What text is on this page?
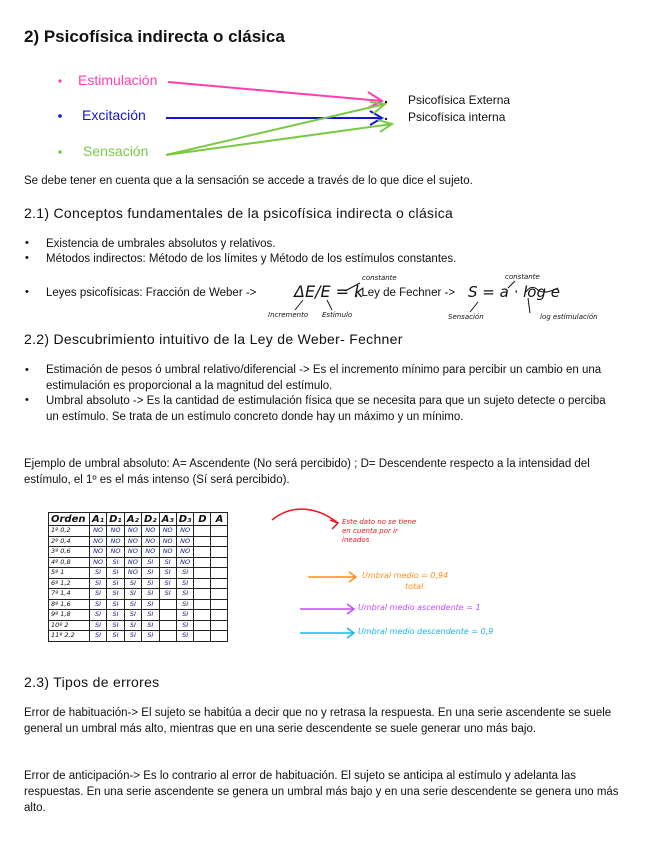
2) Psicofísica indirecta o clásica
Estimulación
Excitación
Sensación
Psicofísica Externa
Psicofísica interna
Se debe tener en cuenta que a la sensación se accede a través de lo que dice el sujeto.
2.1) Conceptos fundamentales de la psicofísica indirecta o clásica
• Existencia de umbrales absolutos y relativos.
• Métodos indirectos: Método de los límites y Método de los estímulos constantes.
• Leyes psicofísicas: Fracción de Weber -> ΔE/E = k
; Ley de Fechner -> S = a · log e
constante
Incremento Estímulo
constante
Sensación	log estímulación
2.2) Descubrimiento intuitivo de la Ley de Weber- Fechner
• Estimación de pesos ó umbral relativo/diferencial -> Es el incremento mínimo para percibir un cambio en una estimulación es proporcional a la magnitud del estímulo.
• Umbral absoluto -> Es la cantidad de estimulación física que se necesita para que un sujeto detecte o perciba un estímulo. Se trata de un estímulo concreto donde hay un máximo y un mínimo.
Ejemplo de umbral absoluto: A= Ascendente (No será percibido) ; D= Descendente respecto a la intensidad del estímulo, el 1º es el más intenso (Sí será percibido).
Orden	A₁	D₁	A₂	D₂	A₃	D₃	D	A
1º 0,2	NO	NO	NO	NO	NO	NO		
2º 0,4	NO	NO	NO	NO	NO	NO		
3º 0,6	NO	NO	NO	NO	NO	NO		
4º 0,8	NO	SI	NO	SI	SI	NO		
5º 1	SI	SI	NO	SI	SI	SI		
6º 1,2	SI	SI	SI	SI	SI	SI		
7º 1,4	SI	SI	SI	SI	SI	SI		
8º 1,6	SI	SI	SI	SI		SI		
9º 1,8	SI	SI	SI	SI		SI		
10º 2	SI	SI	SI	SI		SI		
11º 2,2	SI	SI	SI	SI		SI		
Este dato no se tiene en cuenta por ir ineados
Umbral medio = 0,94
total
Umbral medio ascendente = 1
Umbral medio descendente = 0,9
2.3) Tipos de errores
Error de habituación-> El sujeto se habitúa a decir que no y retrasa la respuesta. En una serie ascendente se suele general un umbral más alto, mientras que en una serie descendente se suele generar uno más bajo.
Error de anticipación-> Es lo contrario al error de habituación. El sujeto se anticipa al estímulo y adelanta las respuestas. En una serie ascendente se genera un umbral más bajo y en una serie descendente se genera uno más alto.
